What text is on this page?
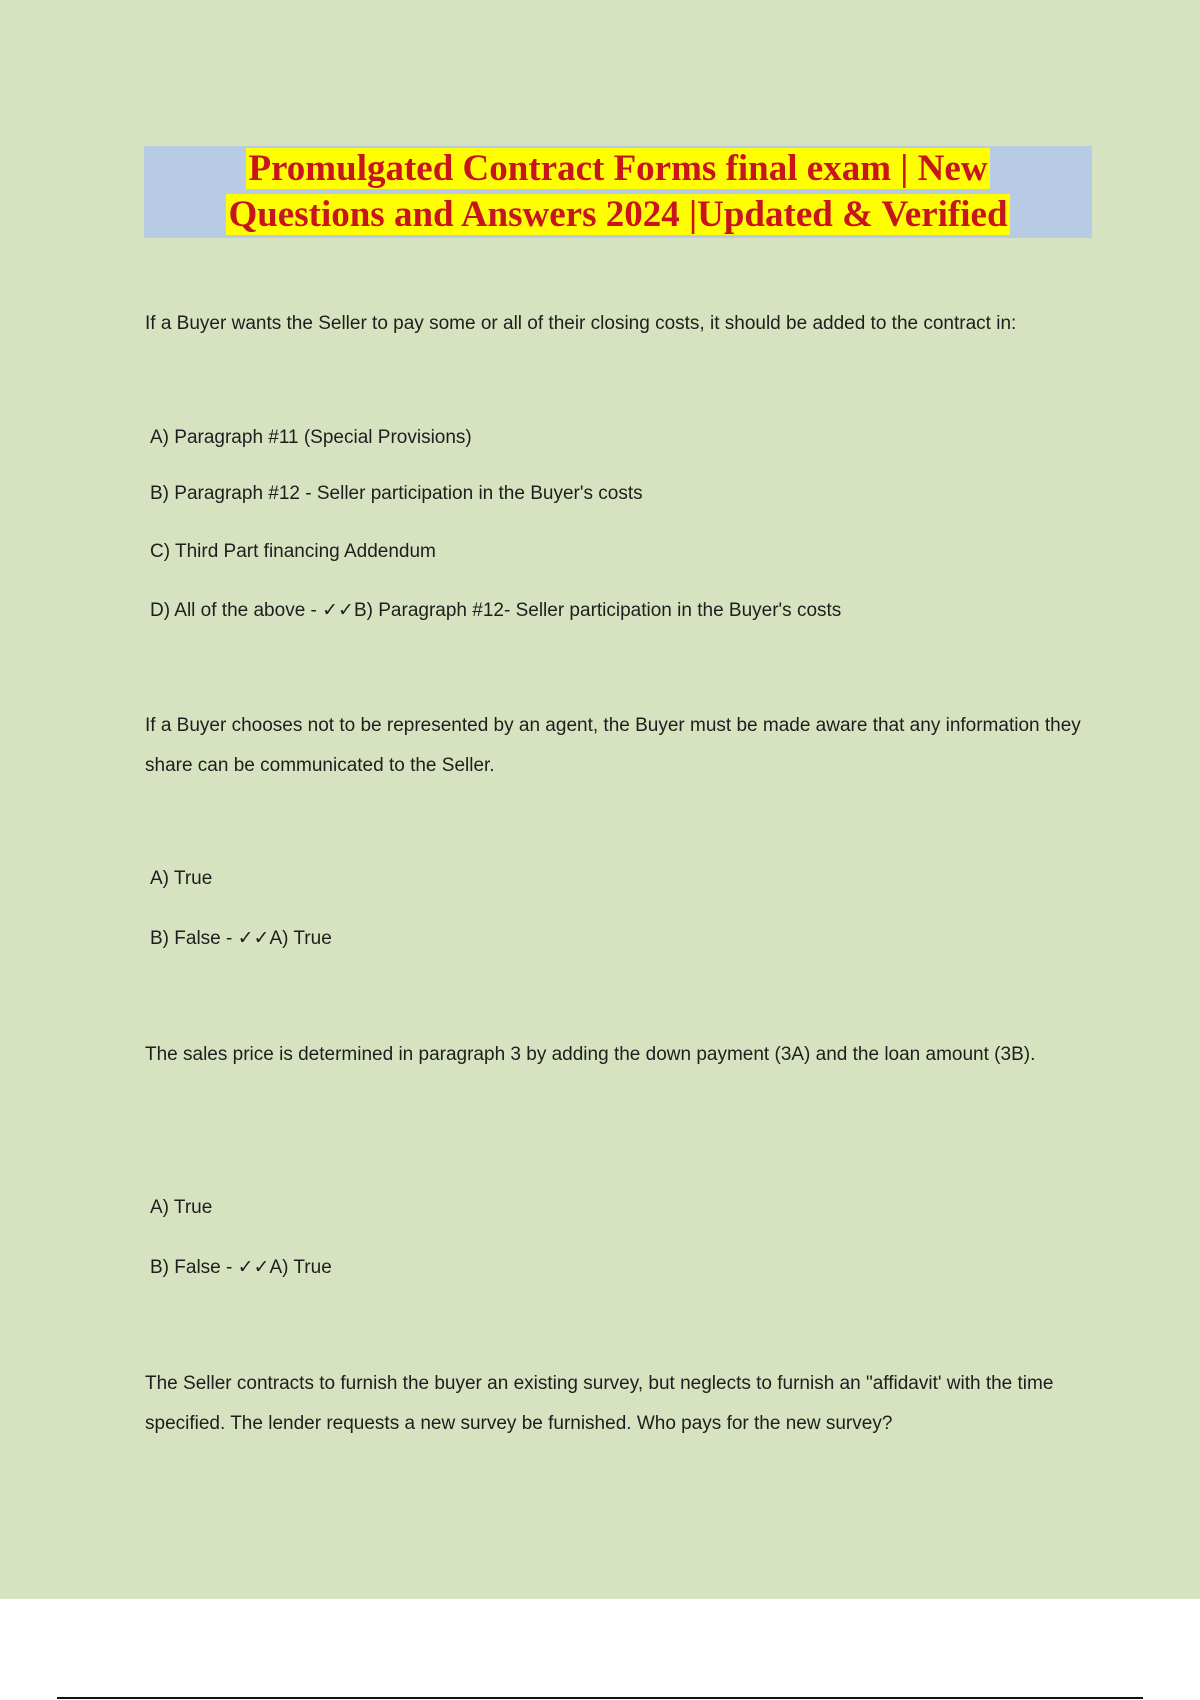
Promulgated Contract Forms final exam | New
Questions and Answers 2024 |Updated & Verified

If a Buyer wants the Seller to pay some or all of their closing costs, it should be added to the contract in:

A) Paragraph #11 (Special Provisions)
B) Paragraph #12 - Seller participation in the Buyer's costs
C) Third Part financing Addendum
D) All of the above - ✓✓B) Paragraph #12- Seller participation in the Buyer's costs

If a Buyer chooses not to be represented by an agent, the Buyer must be made aware that any information they share can be communicated to the Seller.

A) True
B) False - ✓✓A) True

The sales price is determined in paragraph 3 by adding the down payment (3A) and the loan amount (3B).

A) True
B) False - ✓✓A) True

The Seller contracts to furnish the buyer an existing survey, but neglects to furnish an "affidavit' with the time specified. The lender requests a new survey be furnished. Who pays for the new survey?
